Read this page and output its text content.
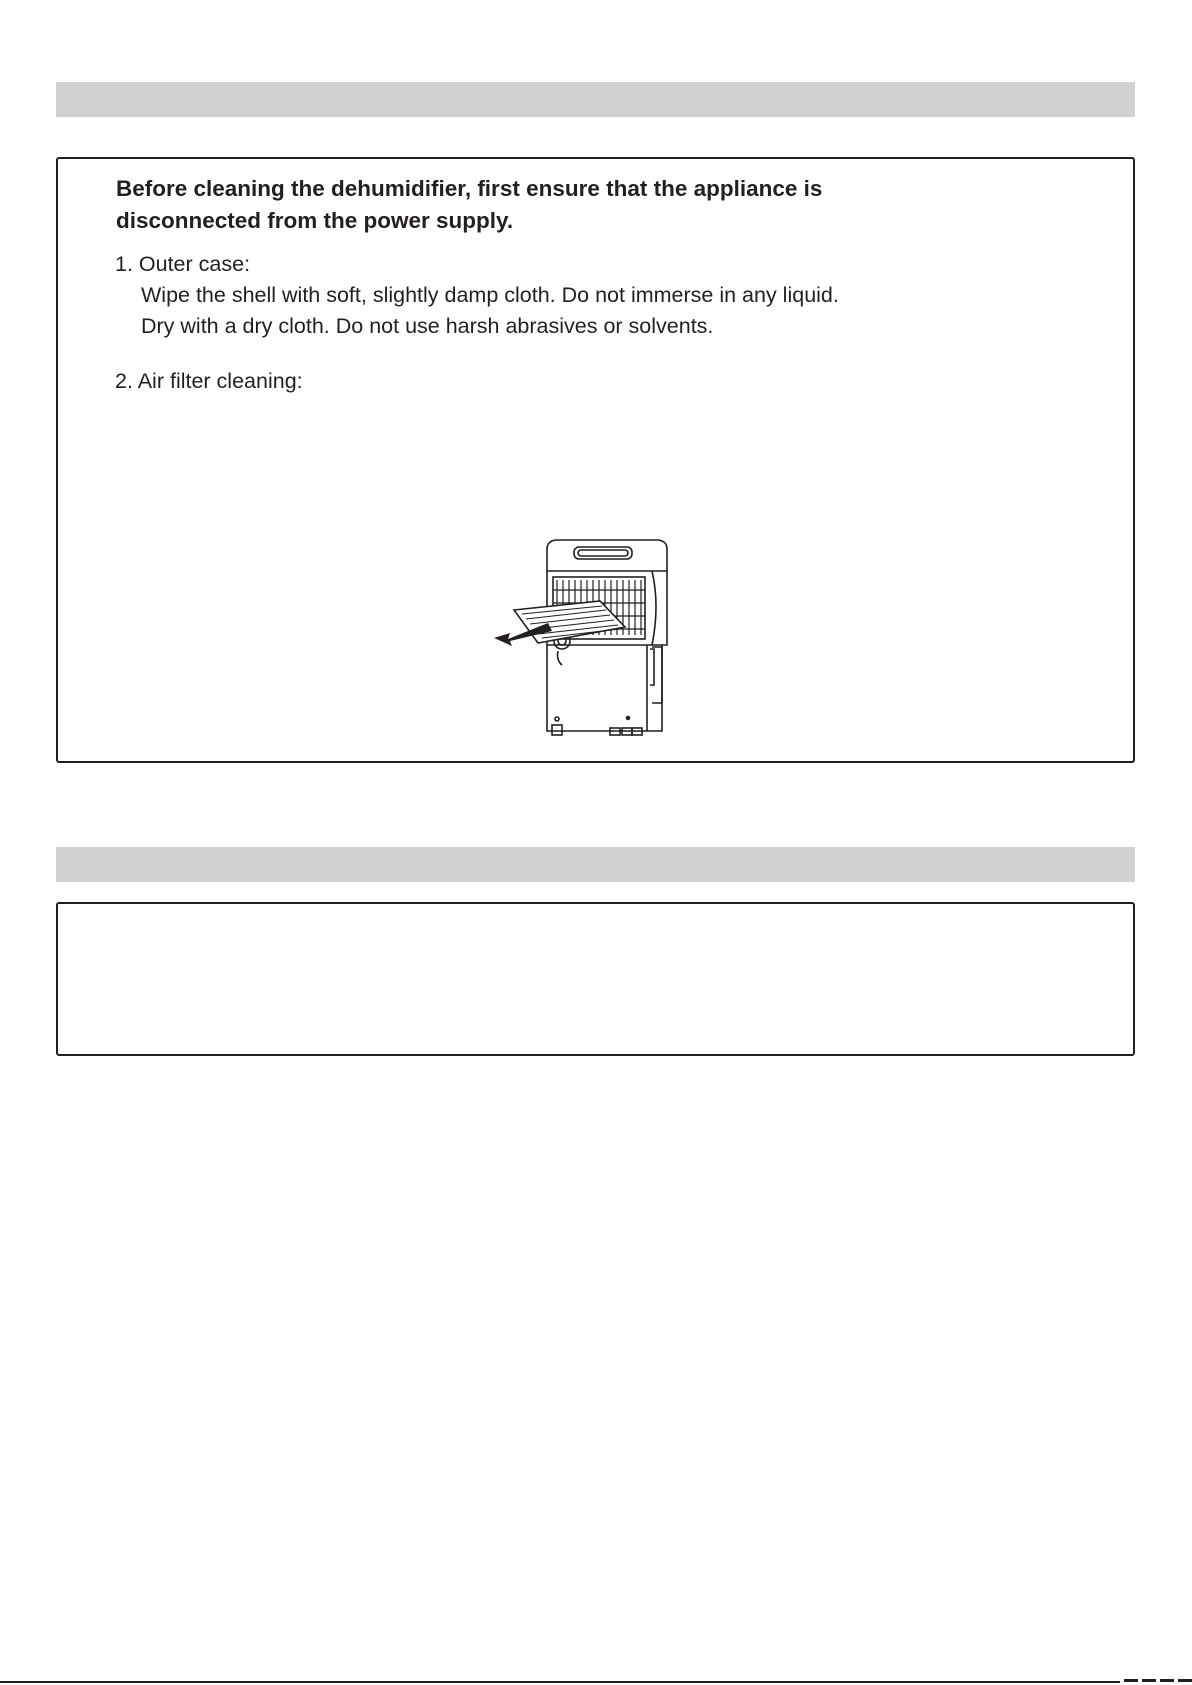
Before cleaning the dehumidifier, first ensure that the appliance is
disconnected from the power supply.
1. Outer case:
Wipe the shell with soft, slightly damp cloth. Do not immerse in any liquid.
Dry with a dry cloth. Do not use harsh abrasives or solvents.
2. Air filter cleaning:
